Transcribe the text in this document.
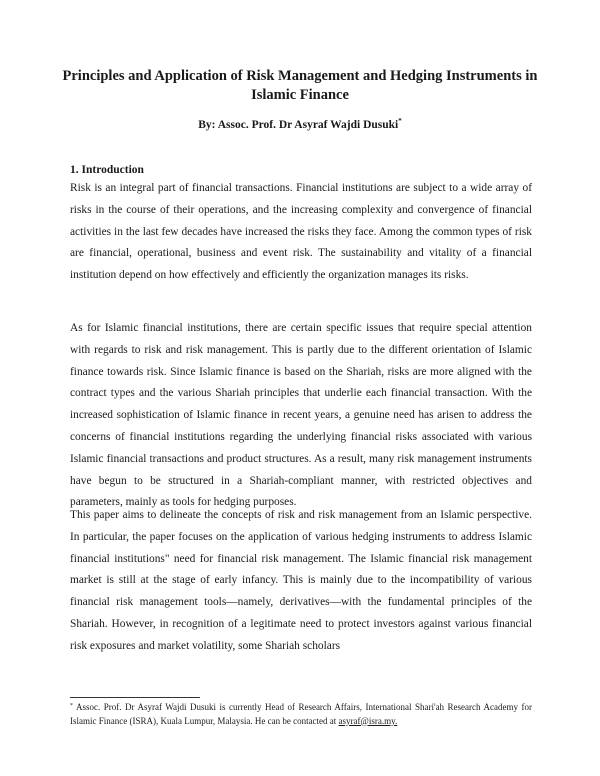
Principles and Application of Risk Management and Hedging Instruments in Islamic Finance
By: Assoc. Prof. Dr Asyraf Wajdi Dusuki*
1. Introduction

Risk is an integral part of financial transactions. Financial institutions are subject to a wide array of risks in the course of their operations, and the increasing complexity and convergence of financial activities in the last few decades have increased the risks they face. Among the common types of risk are financial, operational, business and event risk. The sustainability and vitality of a financial institution depend on how effectively and efficiently the organization manages its risks.

As for Islamic financial institutions, there are certain specific issues that require special attention with regards to risk and risk management. This is partly due to the different orientation of Islamic finance towards risk. Since Islamic finance is based on the Shariah, risks are more aligned with the contract types and the various Shariah principles that underlie each financial transaction. With the increased sophistication of Islamic finance in recent years, a genuine need has arisen to address the concerns of financial institutions regarding the underlying financial risks associated with various Islamic financial transactions and product structures. As a result, many risk management instruments have begun to be structured in a Shariah-compliant manner, with restricted objectives and parameters, mainly as tools for hedging purposes.

This paper aims to delineate the concepts of risk and risk management from an Islamic perspective. In particular, the paper focuses on the application of various hedging instruments to address Islamic financial institutions" need for financial risk management. The Islamic financial risk management market is still at the stage of early infancy. This is mainly due to the incompatibility of various financial risk management tools—namely, derivatives—with the fundamental principles of the Shariah. However, in recognition of a legitimate need to protect investors against various financial risk exposures and market volatility, some Shariah scholars

* Assoc. Prof. Dr Asyraf Wajdi Dusuki is currently Head of Research Affairs, International Shari'ah Research Academy for Islamic Finance (ISRA), Kuala Lumpur, Malaysia. He can be contacted at asyraf@isra.my.
